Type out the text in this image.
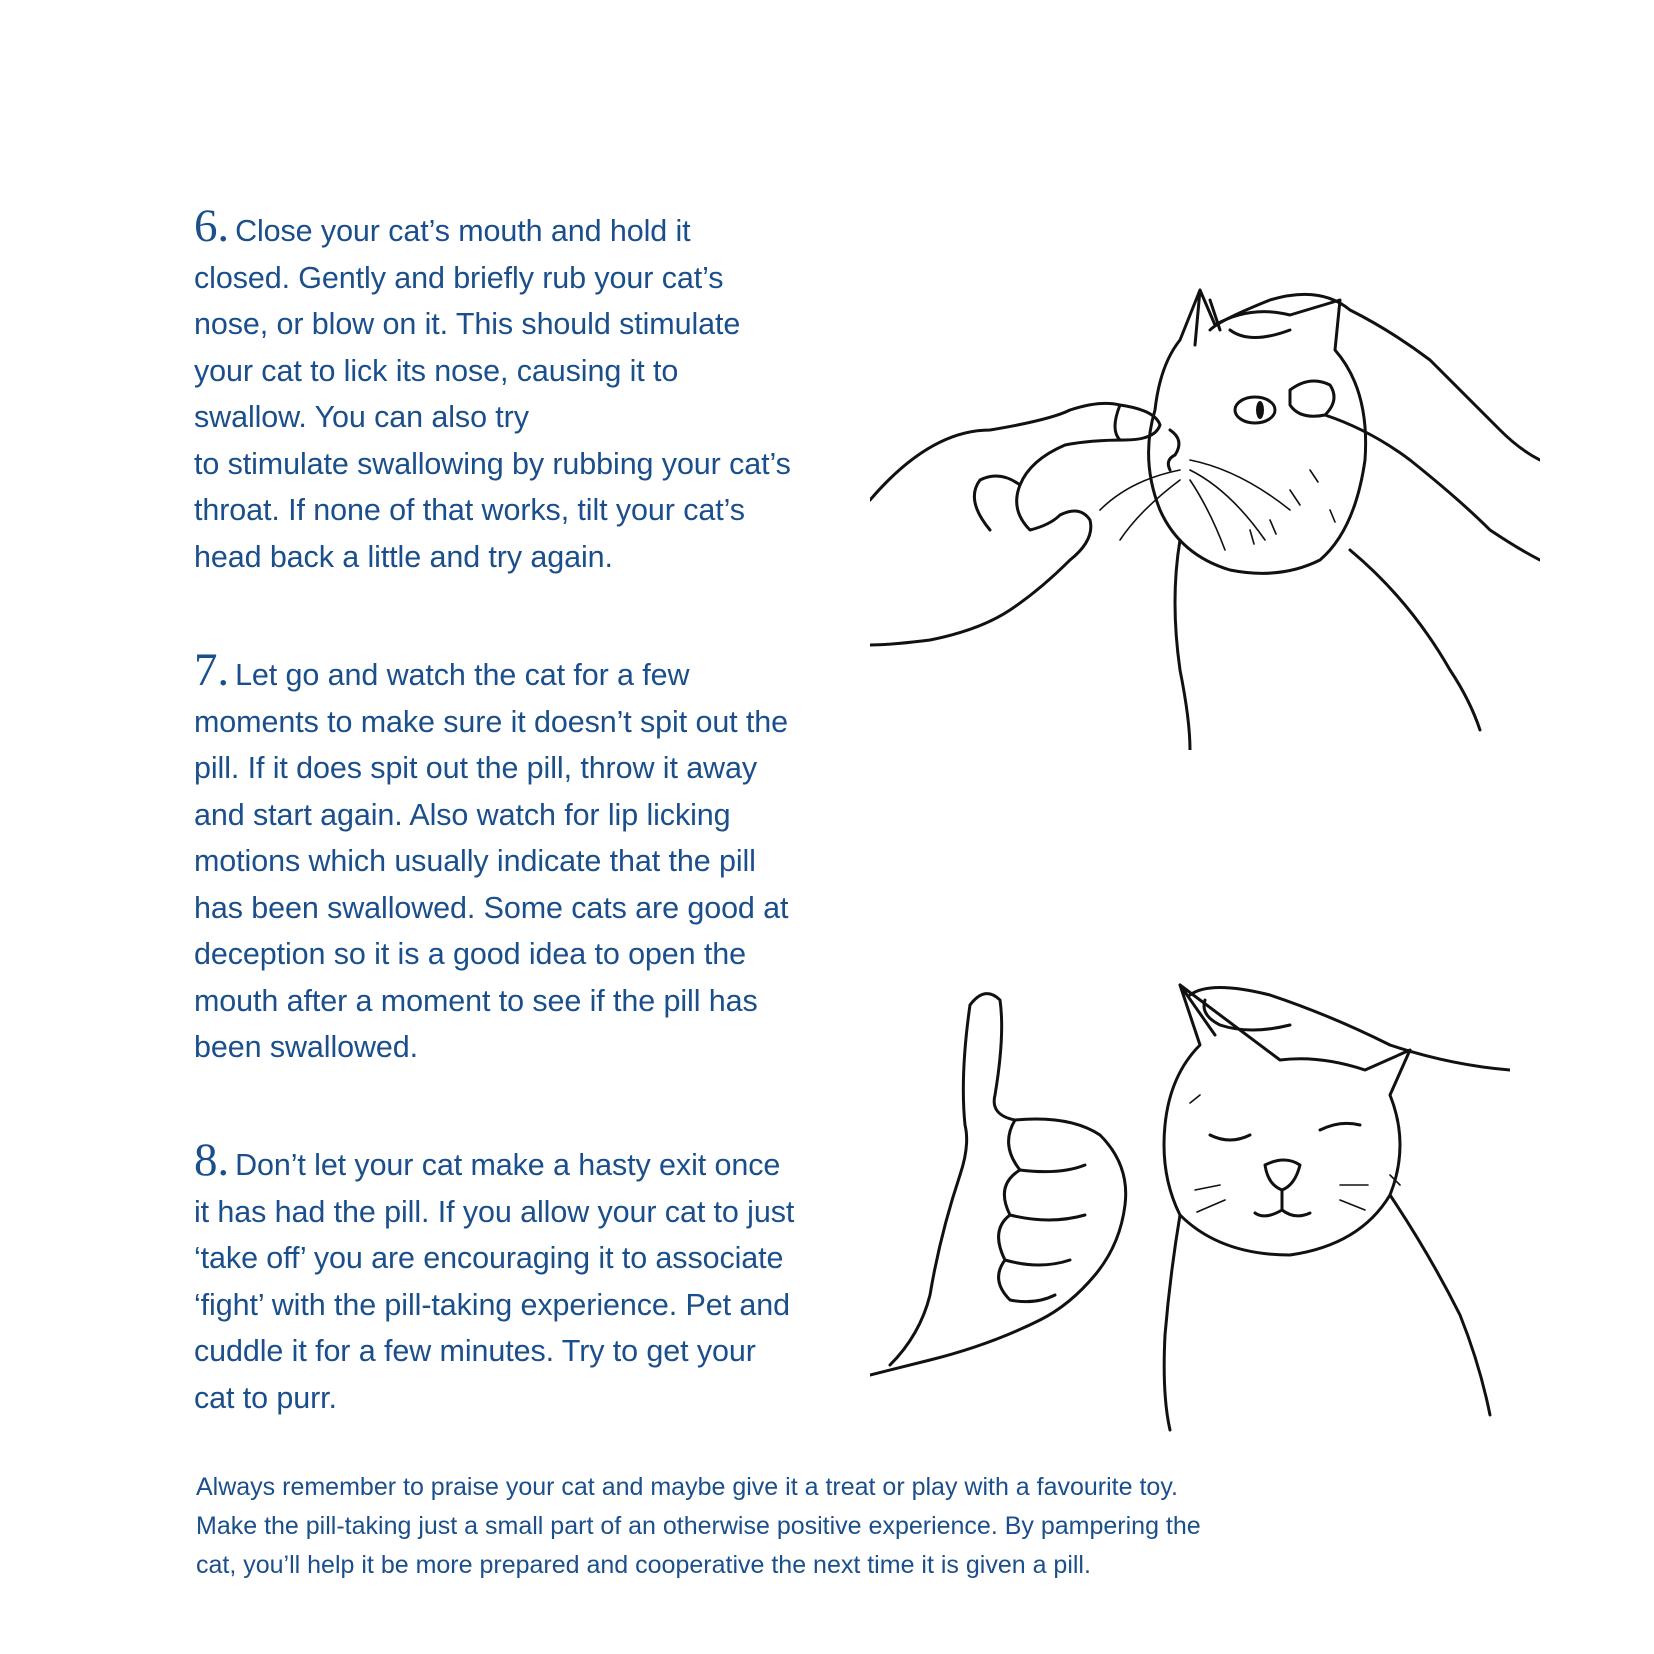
6. Close your cat’s mouth and hold it
closed. Gently and briefly rub your cat’s
nose, or blow on it. This should stimulate
your cat to lick its nose, causing it to
swallow. You can also try
to stimulate swallowing by rubbing your cat’s
throat. If none of that works, tilt your cat’s
head back a little and try again.
7. Let go and watch the cat for a few
moments to make sure it doesn’t spit out the
pill. If it does spit out the pill, throw it away
and start again. Also watch for lip licking
motions which usually indicate that the pill
has been swallowed. Some cats are good at
deception so it is a good idea to open the
mouth after a moment to see if the pill has
been swallowed.
8. Don’t let your cat make a hasty exit once
it has had the pill. If you allow your cat to just
‘take off’ you are encouraging it to associate
‘fight’ with the pill-taking experience. Pet and
cuddle it for a few minutes. Try to get your
cat to purr.
Always remember to praise your cat and maybe give it a treat or play with a favourite toy.
Make the pill-taking just a small part of an otherwise positive experience. By pampering the
cat, you’ll help it be more prepared and cooperative the next time it is given a pill.
